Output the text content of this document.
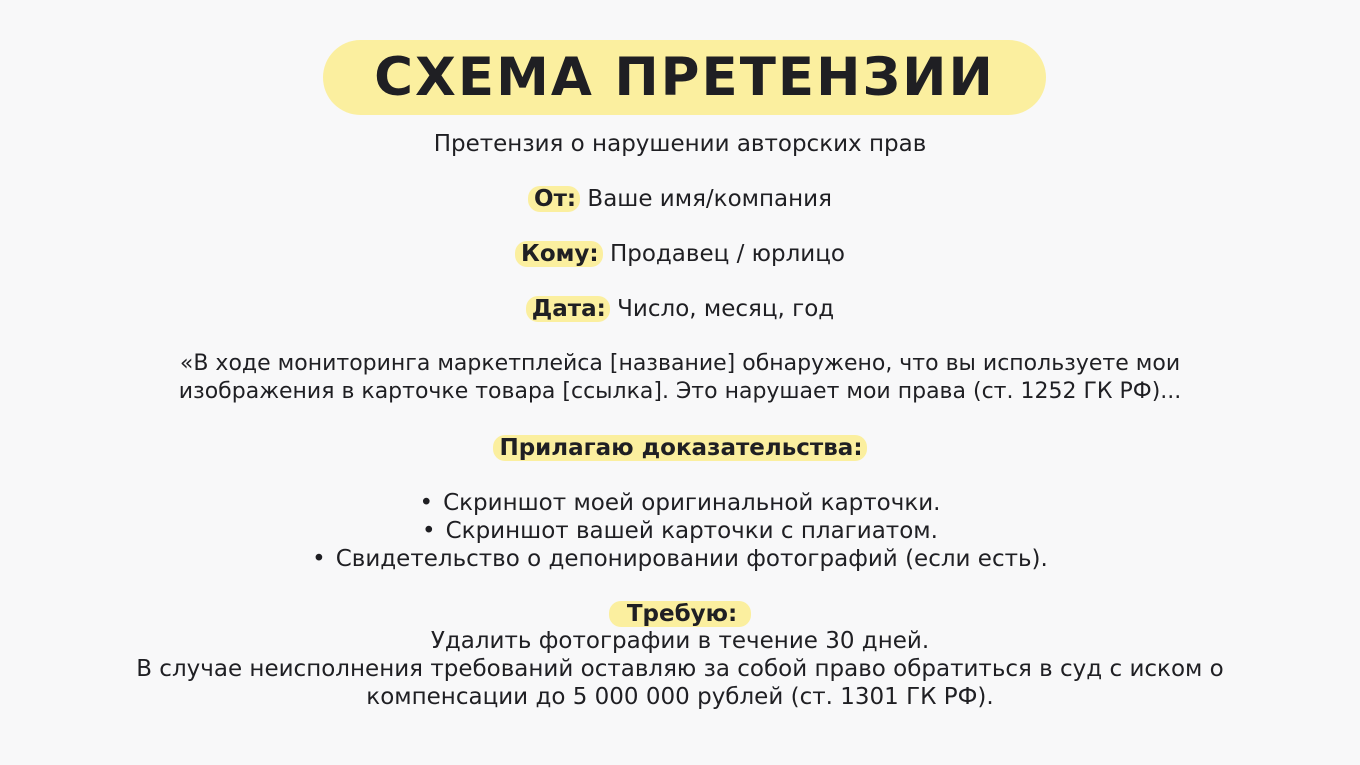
СХЕМА ПРЕТЕНЗИИ
Претензия о нарушении авторских прав
От: Ваше имя/компания
Кому: Продавец / юрлицо
Дата: Число, месяц, год
«В ходе мониторинга маркетплейса [название] обнаружено, что вы используете мои
изображения в карточке товара [ссылка]. Это нарушает мои права (ст. 1252 ГК РФ)...
Прилагаю доказательства:
• Скриншот моей оригинальной карточки.
• Скриншот вашей карточки с плагиатом.
• Свидетельство о депонировании фотографий (если есть).
Требую:
Удалить фотографии в течение 30 дней.
В случае неисполнения требований оставляю за собой право обратиться в суд с иском о
компенсации до 5 000 000 рублей (ст. 1301 ГК РФ).
